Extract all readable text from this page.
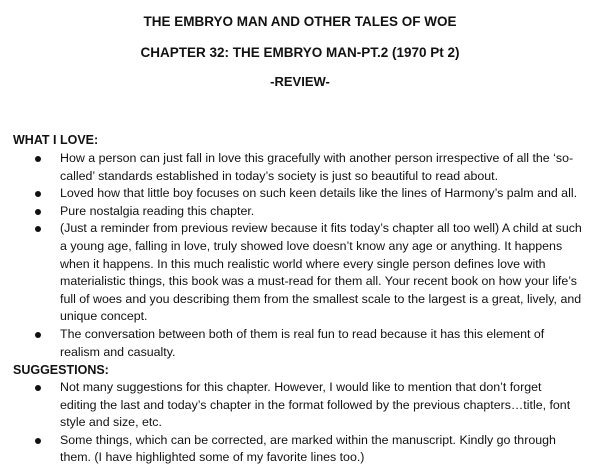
THE EMBRYO MAN AND OTHER TALES OF WOE
CHAPTER 32: THE EMBRYO MAN-PT.2 (1970 Pt 2)
-REVIEW-
WHAT I LOVE:
How a person can just fall in love this gracefully with another person irrespective of all the ‘so-
called’ standards established in today’s society is just so beautiful to read about.
Loved how that little boy focuses on such keen details like the lines of Harmony’s palm and all.
Pure nostalgia reading this chapter.
(Just a reminder from previous review because it fits today’s chapter all too well) A child at such
a young age, falling in love, truly showed love doesn’t know any age or anything. It happens
when it happens. In this much realistic world where every single person defines love with
materialistic things, this book was a must-read for them all. Your recent book on how your life’s
full of woes and you describing them from the smallest scale to the largest is a great, lively, and
unique concept.
The conversation between both of them is real fun to read because it has this element of
realism and casualty.
SUGGESTIONS:
Not many suggestions for this chapter. However, I would like to mention that don’t forget
editing the last and today’s chapter in the format followed by the previous chapters…title, font
style and size, etc.
Some things, which can be corrected, are marked within the manuscript. Kindly go through
them. (I have highlighted some of my favorite lines too.)
